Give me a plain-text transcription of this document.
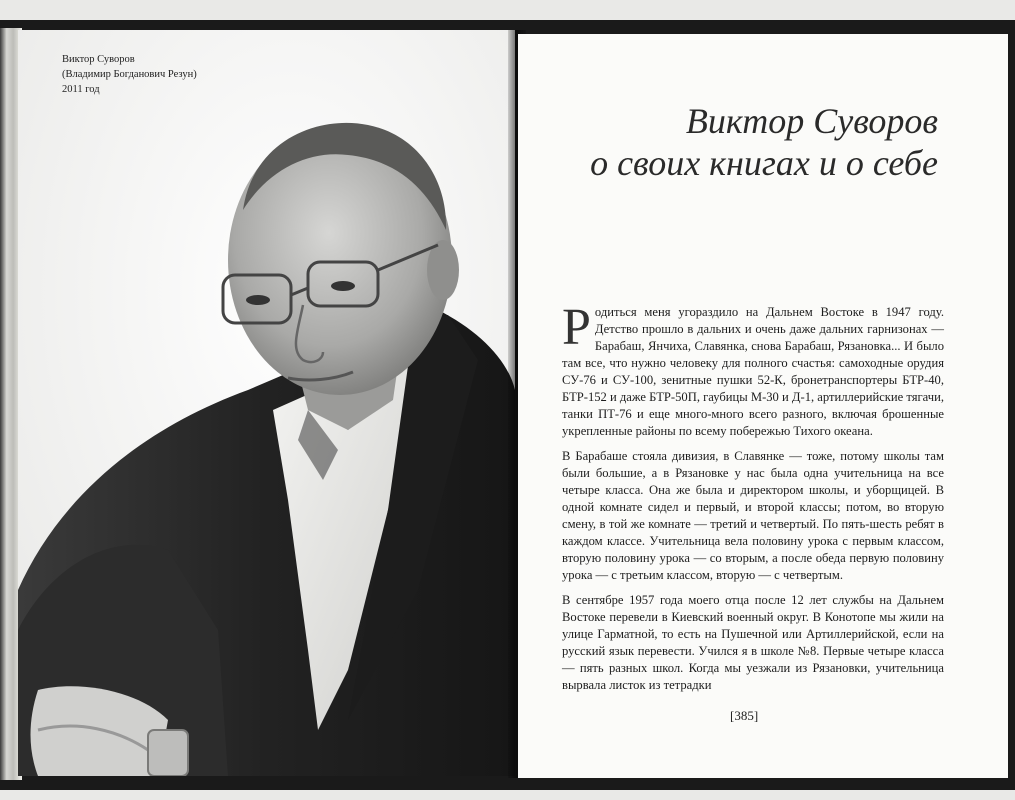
Виктор Суворов
(Владимир Богданович Резун)
2011 год
Виктор Суворов
о своих книгах и о себе

Родиться меня угораздило на Дальнем Востоке в 1947 году. Детство прошло в дальних и очень даже дальних гарнизонах — Барабаш, Янчиха, Славянка, снова Барабаш, Рязановка... И было там все, что нужно человеку для полного счастья: самоходные орудия СУ-76 и СУ-100, зенитные пушки 52-К, бронетранспортеры БТР-40, БТР-152 и даже БТР-50П, гаубицы М-30 и Д-1, артиллерийские тягачи, танки ПТ-76 и еще много-много всего разного, включая брошенные укрепленные районы по всему побережью Тихого океана.

В Барабаше стояла дивизия, в Славянке — тоже, потому школы там были большие, а в Рязановке у нас была одна учительница на все четыре класса. Она же была и директором школы, и уборщицей. В одной комнате сидел и первый, и второй классы; потом, во вторую смену, в той же комнате — третий и четвертый. По пять-шесть ребят в каждом классе. Учительница вела половину урока с первым классом, вторую половину урока — со вторым, а после обеда первую половину урока — с третьим классом, вторую — с четвертым.

В сентябре 1957 года моего отца после 12 лет службы на Дальнем Востоке перевели в Киевский военный округ. В Конотопе мы жили на улице Гарматной, то есть на Пушечной или Артиллерийской, если на русский язык перевести. Учился я в школе №8. Первые четыре класса — пять разных школ. Когда мы уезжали из Рязановки, учительница вырвала листок из тетрадки

[385]
